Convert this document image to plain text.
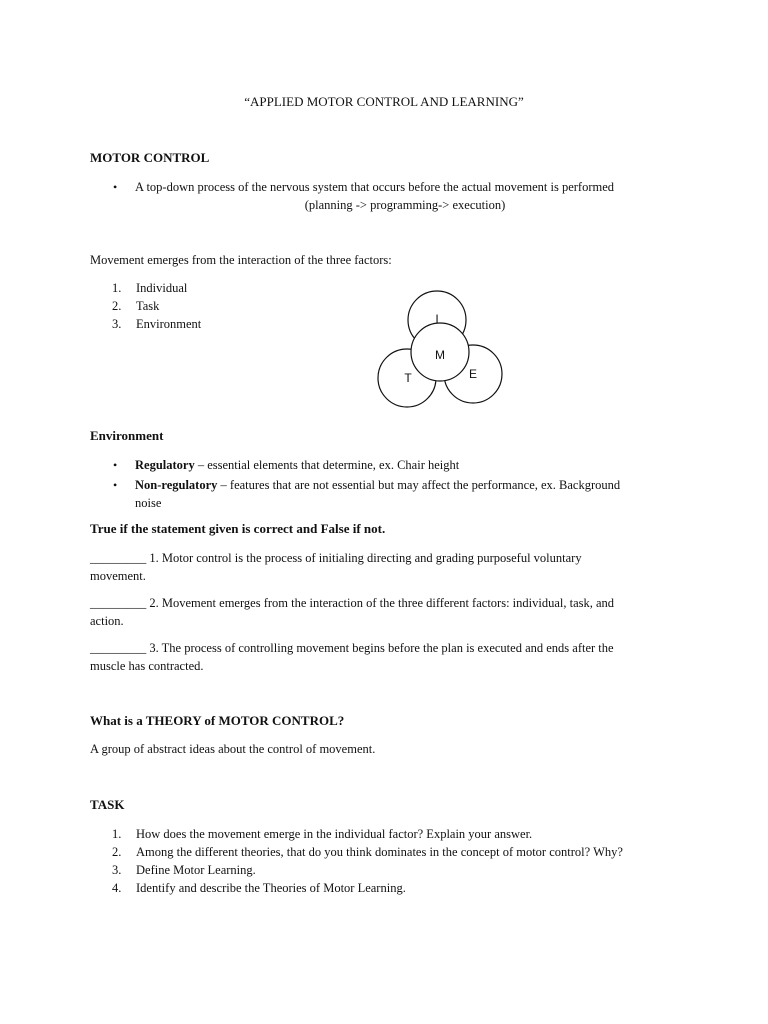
“APPLIED MOTOR CONTROL AND LEARNING”
MOTOR CONTROL
•	A top-down process of the nervous system that occurs before the actual movement is performed
(planning -> programming-> execution)
Movement emerges from the interaction of the three factors:
1.	Individual
2.	Task
3.	Environment	I
M
T	E
Environment
•	Regulatory – essential elements that determine, ex. Chair height
•	Non-regulatory – features that are not essential but may affect the performance, ex. Background
noise
True if the statement given is correct and False if not.
_________ 1. Motor control is the process of initialing directing and grading purposeful voluntary
movement.
_________ 2. Movement emerges from the interaction of the three different factors: individual, task, and
action.
_________ 3. The process of controlling movement begins before the plan is executed and ends after the
muscle has contracted.
What is a THEORY of MOTOR CONTROL?
A group of abstract ideas about the control of movement.
TASK
1.	How does the movement emerge in the individual factor? Explain your answer.
2.	Among the different theories, that do you think dominates in the concept of motor control? Why?
3.	Define Motor Learning.
4.	Identify and describe the Theories of Motor Learning.
